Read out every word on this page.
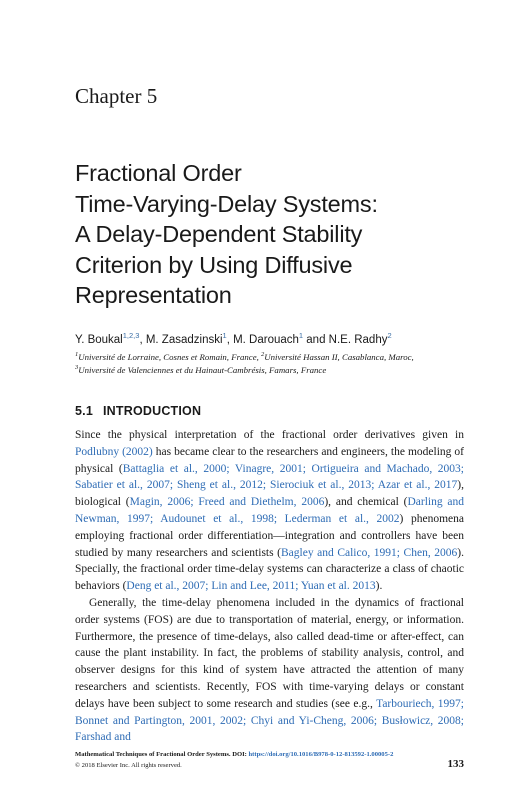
Chapter 5
Fractional Order
Time-Varying-Delay Systems:
A Delay-Dependent Stability
Criterion by Using Diffusive
Representation
Y. Boukal$^{1,2,3}$, M. Zasadzinski$^1$, M. Darouach$^1$ and N.E. Radhy$^2$
$^1$Université de Lorraine, Cosnes et Romain, France, $^2$Université Hassan II, Casablanca, Maroc,
$^3$Université de Valenciennes et du Hainaut-Cambrésis, Famars, France
5.1 INTRODUCTION

Since the physical interpretation of the fractional order derivatives given in Podlubny (2002) has became clear to the researchers and engineers, the modeling of physical (Battaglia et al., 2000; Vinagre, 2001; Ortigueira and Machado, 2003; Sabatier et al., 2007; Sheng et al., 2012; Sierociuk et al., 2013; Azar et al., 2017), biological (Magin, 2006; Freed and Diethelm, 2006), and chemical (Darling and Newman, 1997; Audounet et al., 1998; Lederman et al., 2002) phenomena employing fractional order differentiation—integration and controllers have been studied by many researchers and scientists (Bagley and Calico, 1991; Chen, 2006). Specially, the fractional order time-delay systems can characterize a class of chaotic behaviors (Deng et al., 2007; Lin and Lee, 2011; Yuan et al. 2013).

Generally, the time-delay phenomena included in the dynamics of fractional order systems (FOS) are due to transportation of material, energy, or information. Furthermore, the presence of time-delays, also called dead-time or after-effect, can cause the plant instability. In fact, the problems of stability analysis, control, and observer designs for this kind of system have attracted the attention of many researchers and scientists. Recently, FOS with time-varying delays or constant delays have been subject to some research and studies (see e.g., Tarbouriech, 1997; Bonnet and Partington, 2001, 2002; Chyi and Yi-Cheng, 2006; Busłowicz, 2008; Farshad and

Mathematical Techniques of Fractional Order Systems. DOI: https://doi.org/10.1016/B978-0-12-813592-1.00005-2
© 2018 Elsevier Inc. All rights reserved.	133
